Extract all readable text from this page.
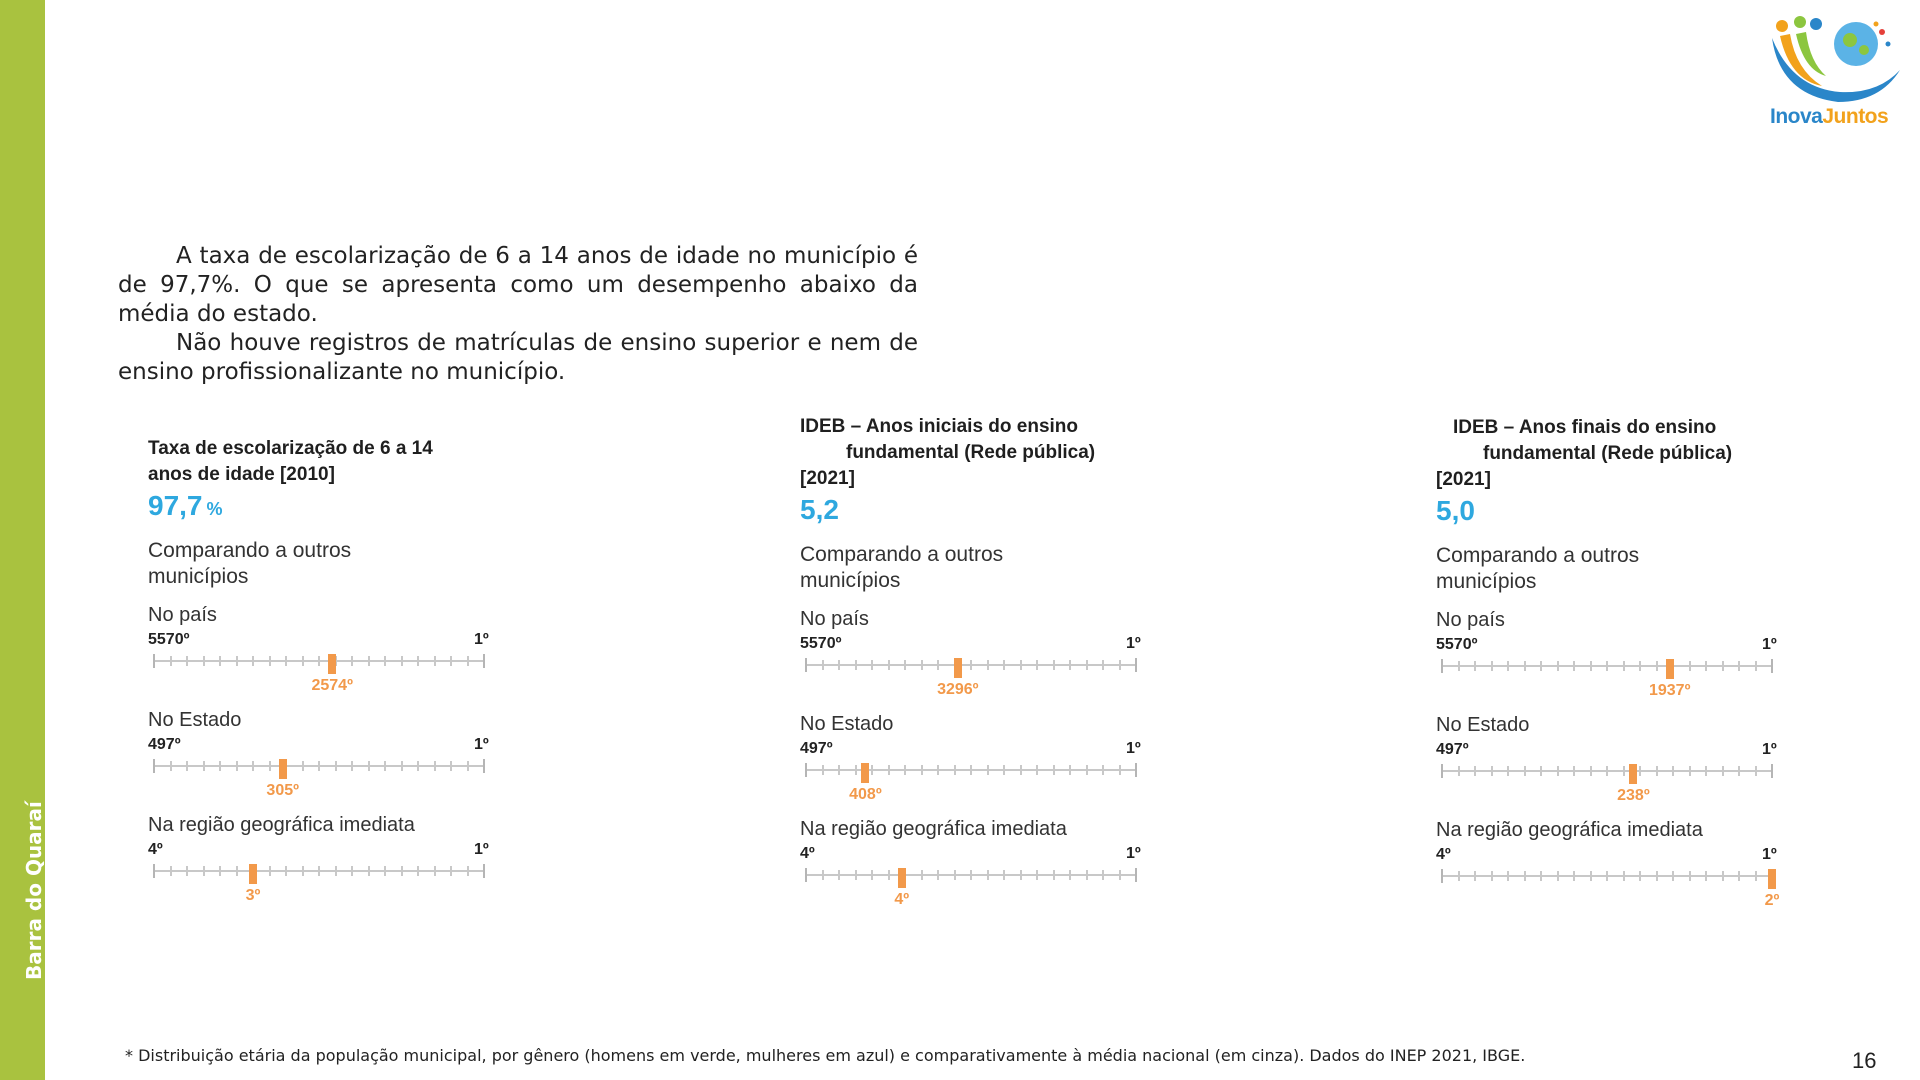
Barra do Quaraí
InovaJuntos

A taxa de escolarização de 6 a 14 anos de idade no município é de 97,7%. O que se apresenta como um desempenho abaixo da média do estado.

Não houve registros de matrículas de ensino superior e nem de ensino profissionalizante no município.

Taxa de escolarização de 6 a 14
anos de idade [2010]
97,7 %
Comparando a outros municípios
No país
5570º	1º
2574º
No Estado
497º	1º
305º
Na região geográfica imediata
4º	1º
3º
IDEB – Anos iniciais do ensino
fundamental (Rede pública)
[2021]
5,2
Comparando a outros municípios
No país
5570º	1º
3296º
No Estado
497º	1º
408º
Na região geográfica imediata
4º	1º
4º
IDEB – Anos finais do ensino
fundamental (Rede pública)
[2021]
5,0
Comparando a outros municípios
No país
5570º	1º
1937º
No Estado
497º	1º
238º
Na região geográfica imediata
4º	1º
2º
* Distribuição etária da população municipal, por gênero (homens em verde, mulheres em azul) e comparativamente à média nacional (em cinza). Dados do INEP 2021, IBGE.	16
